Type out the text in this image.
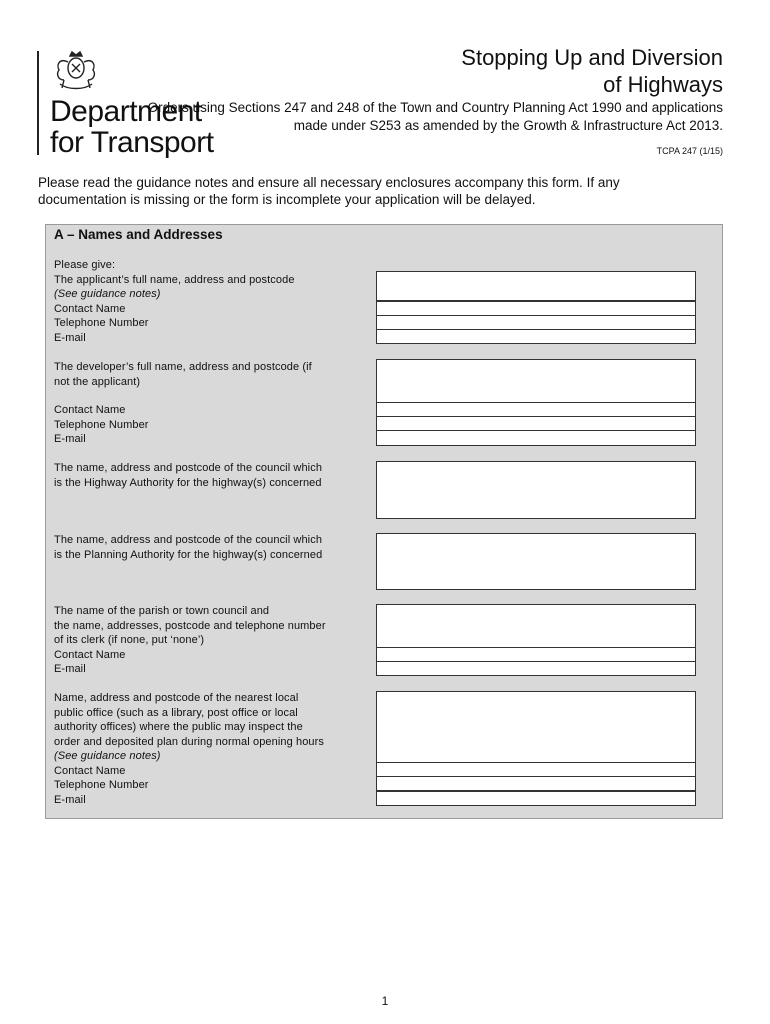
Department
for Transport
Stopping Up and Diversion
of Highways
Orders using Sections 247 and 248 of the Town and Country Planning Act 1990 and applications
made under S253 as amended by the Growth & Infrastructure Act 2013.
TCPA 247 (1/15)
Please read the guidance notes and ensure all necessary enclosures accompany this form. If any
documentation is missing or the form is incomplete your application will be delayed.
A – Names and Addresses
Please give:
The applicant’s full name, address and postcode
(See guidance notes)
Contact Name
Telephone Number
E-mail
The developer’s full name, address and postcode (if
not the applicant)
Contact Name
Telephone Number
E-mail
The name, address and postcode of the council which
is the Highway Authority for the highway(s) concerned
The name, address and postcode of the council which
is the Planning Authority for the highway(s) concerned
The name of the parish or town council and
the name, addresses, postcode and telephone number
of its clerk (if none, put ‘none’)
Contact Name
E-mail
Name, address and postcode of the nearest local
public office (such as a library, post office or local
authority offices) where the public may inspect the
order and deposited plan during normal opening hours
(See guidance notes)
Contact Name
Telephone Number
E-mail
1
